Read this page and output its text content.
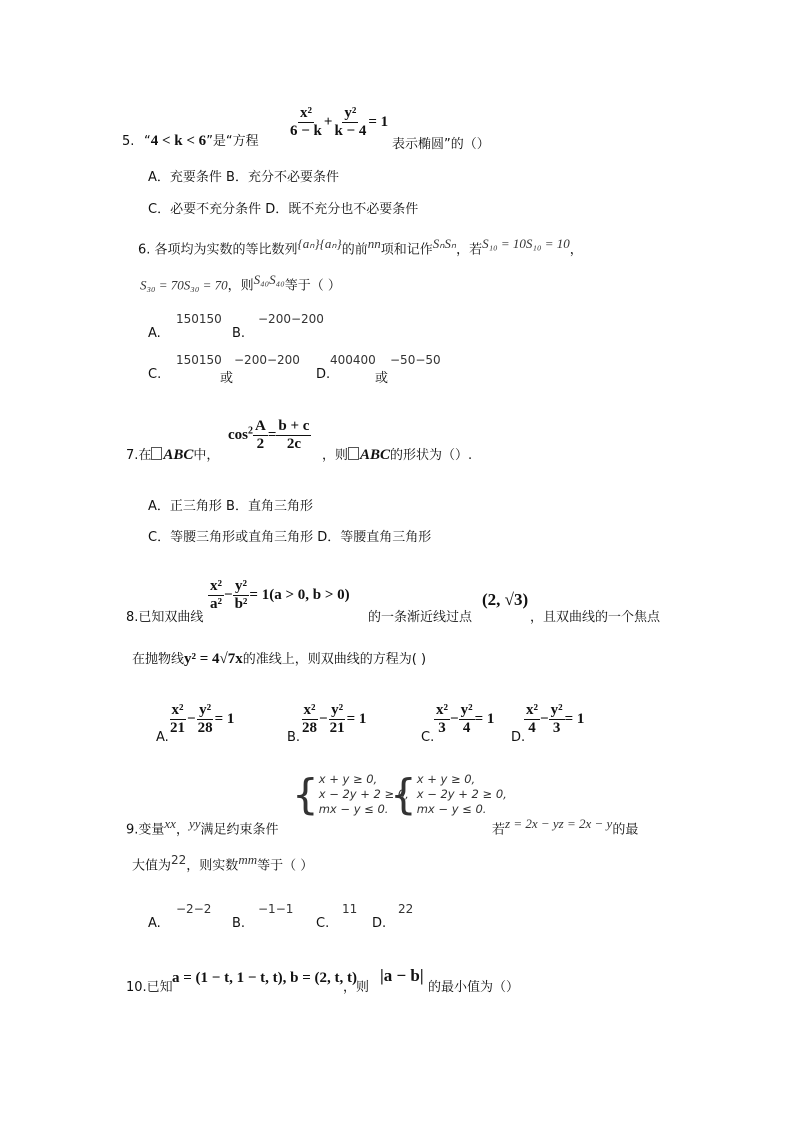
5. “4 < k < 6”是“方程
$\frac{\text{x²}}{6 - k} + \frac{\text{y²}}{k - 4} = 1$
表示椭圆”的（）
A．充要条件 B．充分不必要条件
C．必要不充分条件 D．既不充分也不必要条件
6. 各项均为实数的等比数列$^{\{a_n\}\{a_n\}}$的前$^{nn}$项和记作$^{S_nS_n}$，若$^{S_{10} = 10S_{10} = 10}$，
S₃₀ = 70S₃₀ = 70，则$^{S_{40}S_{40}}$等于（ ）
A.
150150
B.
−200−200
C.
150150
或
−200−200
D.
400400
或
−50−50
7.在 ABC中，
$\cos^2 \frac{A}{2} = \frac{b + c}{2c}$
，则 ABC的形状为（）.
A．正三角形 B．直角三角形
C．等腰三角形或直角三角形 D．等腰直角三角形
8.已知双曲线
$\frac{\text{x²}}{\text{a²}} - \frac{\text{y²}}{\text{b²}} = 1(a > 0$, b > 0)
的一条渐近线过点
(2, √3)
，且双曲线的一个焦点
在抛物线y² = 4√7x的准线上，则双曲线的方程为( )
A.
$\frac{\text{x²}}{21} - \frac{\text{y²}}{28} = 1$
B.
$\frac{\text{x²}}{28} - \frac{\text{y²}}{21} = 1$
C.
$\frac{\text{x²}}{3} - \frac{\text{y²}}{4} = 1$
D.
$\frac{\text{x²}}{4} - \frac{\text{y²}}{3} = 1$
9.变量$^{xx}$，$^{yy}$满足约束条件
{ x + y ≥ 0,
x − 2y + 2 ≥ 0,
mx − y ≤ 0. { x + y ≥ 0,
x − 2y + 2 ≥ 0,
mx − y ≤ 0.
若$^{z = 2x - yz = 2x - y}$的最
大值为$^{22}$，则实数$^{mm}$等于（ ）
A.
−2−2
B.
−1−1
C.
11
D.
22
10.已知
a = (1 − t, 1 − t, t), b = (2, t, t)
，则
|a − b|
的最小值为（）
